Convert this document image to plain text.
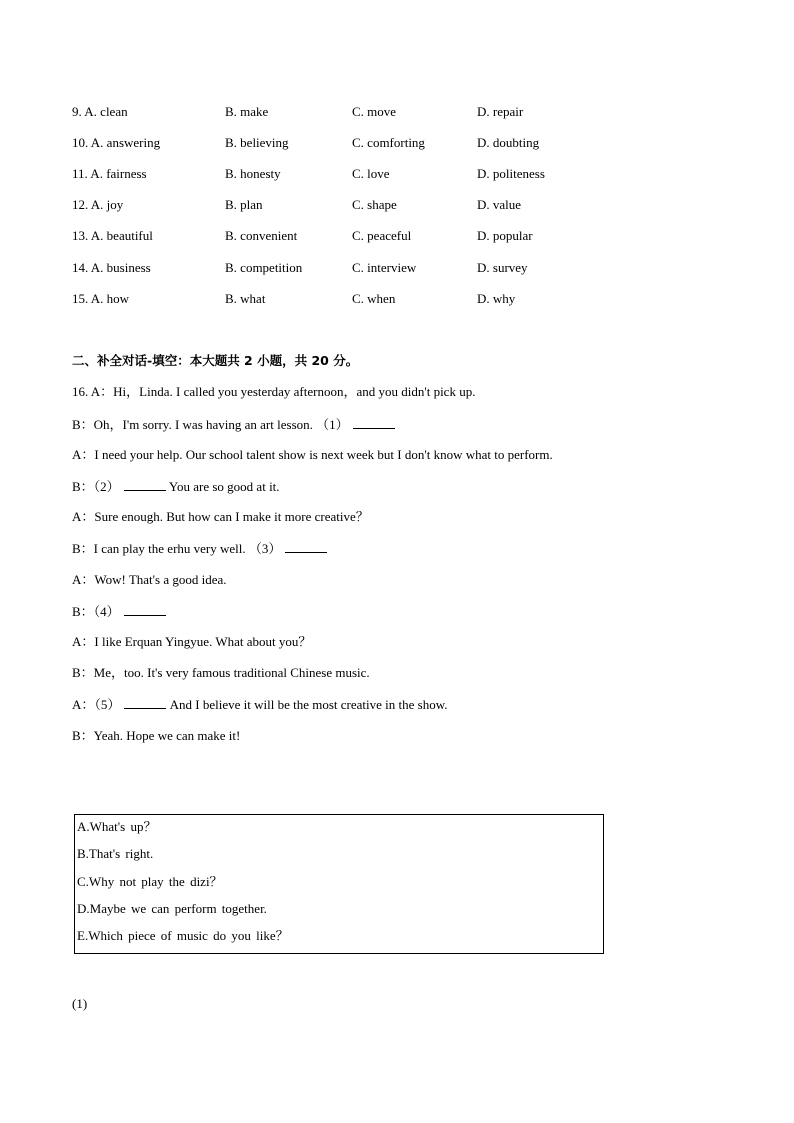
9. A. clean	B. make	C. move	D. repair
10. A. answering	B. believing	C. comforting	D. doubting
11. A. fairness	B. honesty	C. love	D. politeness
12. A. joy	B. plan	C. shape	D. value
13. A. beautiful	B. convenient	C. peaceful	D. popular
14. A. business	B. competition	C. interview	D. survey
15. A. how	B. what	C. when	D. why
二、补全对话-填空：本大题共 2 小题，共 20 分。
16. A：Hi，Linda. I called you yesterday afternoon，and you didn't pick up.
B：Oh，I'm sorry. I was having an art lesson. （1）
A：I need your help. Our school talent show is next week but I don't know what to perform.
B：（2）	You are so good at it.
A：Sure enough. But how can I make it more creative？
B：I can play the erhu very well. （3）
A：Wow! That's a good idea.
B：（4）
A：I like Erquan Yingyue. What about you？
B：Me，too. It's very famous traditional Chinese music.
A：（5）	And I believe it will be the most creative in the show.
B：Yeah. Hope we can make it!
A.What's up？
B.That's right.
C.Why not play the dizi？
D.Maybe we can perform together.
E.Which piece of music do you like？
(1)
